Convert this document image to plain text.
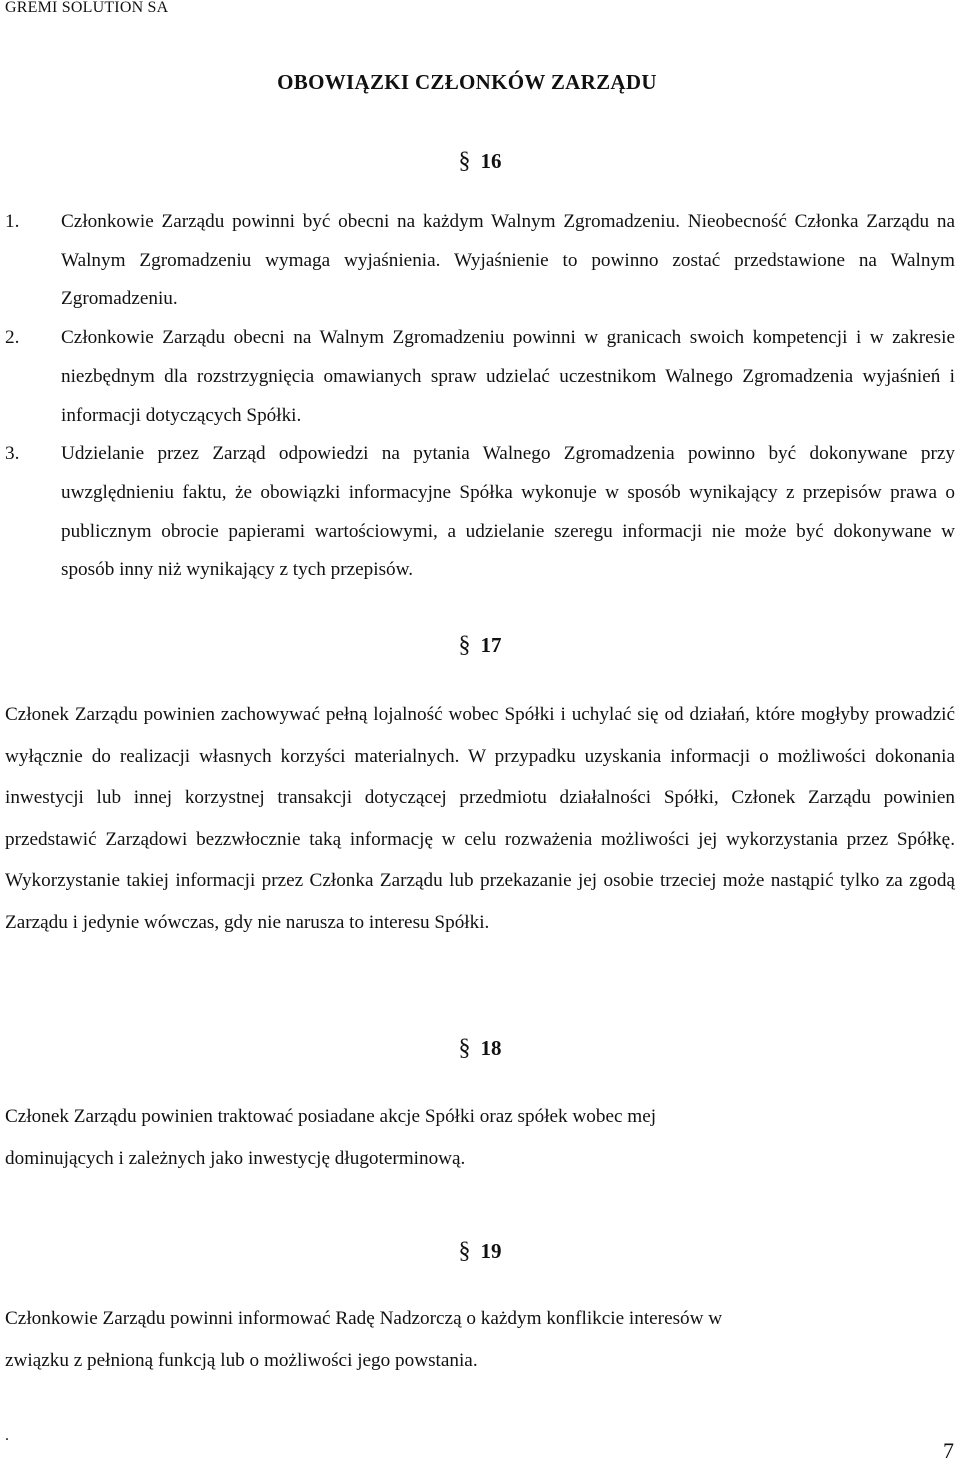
GREMI SOLUTION SA
OBOWIĄZKI CZŁONKÓW ZARZĄDU
§ 16
1. Członkowie Zarządu powinni być obecni na każdym Walnym Zgromadzeniu. Nieobecność Członka Zarządu na Walnym Zgromadzeniu wymaga wyjaśnienia. Wyjaśnienie to powinno zostać przedstawione na Walnym Zgromadzeniu.
2. Członkowie Zarządu obecni na Walnym Zgromadzeniu powinni w granicach swoich kompetencji i w zakresie niezbędnym dla rozstrzygnięcia omawianych spraw udzielać uczestnikom Walnego Zgromadzenia wyjaśnień i informacji dotyczących Spółki.
3. Udzielanie przez Zarząd odpowiedzi na pytania Walnego Zgromadzenia powinno być dokonywane przy uwzględnieniu faktu, że obowiązki informacyjne Spółka wykonuje w sposób wynikający z przepisów prawa o publicznym obrocie papierami wartościowymi, a udzielanie szeregu informacji nie może być dokonywane w sposób inny niż wynikający z tych przepisów.
§ 17
Członek Zarządu powinien zachowywać pełną lojalność wobec Spółki i uchylać się od działań, które mogłyby prowadzić wyłącznie do realizacji własnych korzyści materialnych. W przypadku uzyskania informacji o możliwości dokonania inwestycji lub innej korzystnej transakcji dotyczącej przedmiotu działalności Spółki, Członek Zarządu powinien przedstawić Zarządowi bezzwłocznie taką informację w celu rozważenia możliwości jej wykorzystania przez Spółkę. Wykorzystanie takiej informacji przez Członka Zarządu lub przekazanie jej osobie trzeciej może nastąpić tylko za zgodą Zarządu i jedynie wówczas, gdy nie narusza to interesu Spółki.
§ 18
Członek Zarządu powinien traktować posiadane akcje Spółki oraz spółek wobec mej
dominujących i zależnych jako inwestycję długoterminową.
§ 19
Członkowie Zarządu powinni informować Radę Nadzorczą o każdym konflikcie interesów w
związku z pełnioną funkcją lub o możliwości jego powstania.
.
7
